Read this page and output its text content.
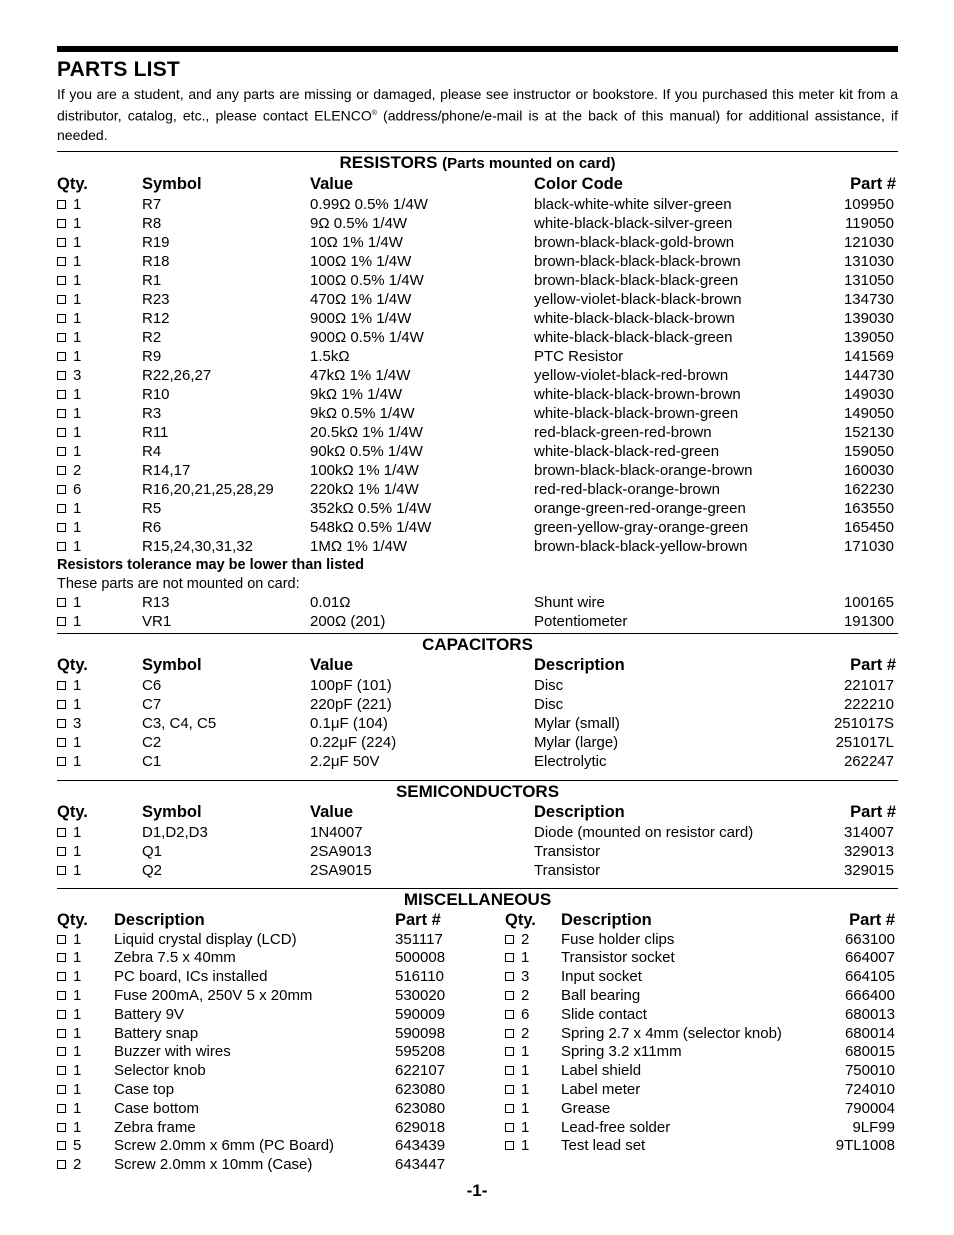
PARTS LIST
If you are a student, and any parts are missing or damaged, please see instructor or bookstore. If you purchased this meter kit from a distributor, catalog, etc., please contact ELENCO® (address/phone/e-mail is at the back of this manual) for additional assistance, if needed.
RESISTORS (Parts mounted on card)
Qty.	Symbol	Value	Color Code	Part #
1	R7	0.99Ω 0.5% 1/4W	black-white-white silver-green	109950
1	R8	9Ω 0.5% 1/4W	white-black-black-silver-green	119050
1	R19	10Ω 1% 1/4W	brown-black-black-gold-brown	121030
1	R18	100Ω 1% 1/4W	brown-black-black-black-brown	131030
1	R1	100Ω 0.5% 1/4W	brown-black-black-black-green	131050
1	R23	470Ω 1% 1/4W	yellow-violet-black-black-brown	134730
1	R12	900Ω 1% 1/4W	white-black-black-black-brown	139030
1	R2	900Ω 0.5% 1/4W	white-black-black-black-green	139050
1	R9	1.5kΩ	PTC Resistor	141569
3	R22,26,27	47kΩ 1% 1/4W	yellow-violet-black-red-brown	144730
1	R10	9kΩ 1% 1/4W	white-black-black-brown-brown	149030
1	R3	9kΩ 0.5% 1/4W	white-black-black-brown-green	149050
1	R11	20.5kΩ 1% 1/4W	red-black-green-red-brown	152130
1	R4	90kΩ 0.5% 1/4W	white-black-black-red-green	159050
2	R14,17	100kΩ 1% 1/4W	brown-black-black-orange-brown	160030
6	R16,20,21,25,28,29 220kΩ 1% 1/4W	red-red-black-orange-brown	162230
1	R5	352kΩ 0.5% 1/4W	orange-green-red-orange-green	163550
1	R6	548kΩ 0.5% 1/4W	green-yellow-gray-orange-green	165450
1	R15,24,30,31,32	1MΩ 1% 1/4W	brown-black-black-yellow-brown	171030
Resistors tolerance may be lower than listed
These parts are not mounted on card:
1	R13	0.01Ω	Shunt wire	100165
1	VR1	200Ω (201)	Potentiometer	191300
CAPACITORS
Qty.	Symbol	Value	Description	Part #
1	C6	100pF (101)	Disc	221017
1	C7	220pF (221)	Disc	222210
3	C3, C4, C5	0.1μF (104)	Mylar (small)	251017S
1	C2	0.22μF (224)	Mylar (large)	251017L
1	C1	2.2μF 50V	Electrolytic	262247
SEMICONDUCTORS
Qty.	Symbol	Value	Description	Part #
1	D1,D2,D3	1N4007	Diode (mounted on resistor card)	314007
1	Q1	2SA9013	Transistor	329013
1	Q2	2SA9015	Transistor	329015
MISCELLANEOUS
Qty. Description	Part #	Qty. Description	Part #
1 Liquid crystal display (LCD)	351117	2 Fuse holder clips	663100
1 Zebra 7.5 x 40mm	500008	1 Transistor socket	664007
1 PC board, ICs installed	516110	3 Input socket	664105
1 Fuse 200mA, 250V 5 x 20mm	530020	2 Ball bearing	666400
1 Battery 9V	590009	6 Slide contact	680013
1 Battery snap	590098	2 Spring 2.7 x 4mm (selector knob)	680014
1 Buzzer with wires	595208	1 Spring 3.2 x11mm	680015
1 Selector knob	622107	1 Label shield	750010
1 Case top	623080	1 Label meter	724010
1 Case bottom	623080	1 Grease	790004
1 Zebra frame	629018	1 Lead-free solder	9LF99
5 Screw 2.0mm x 6mm (PC Board)	643439	1 Test lead set	9TL1008
2 Screw 2.0mm x 10mm (Case)	643447
-1-
